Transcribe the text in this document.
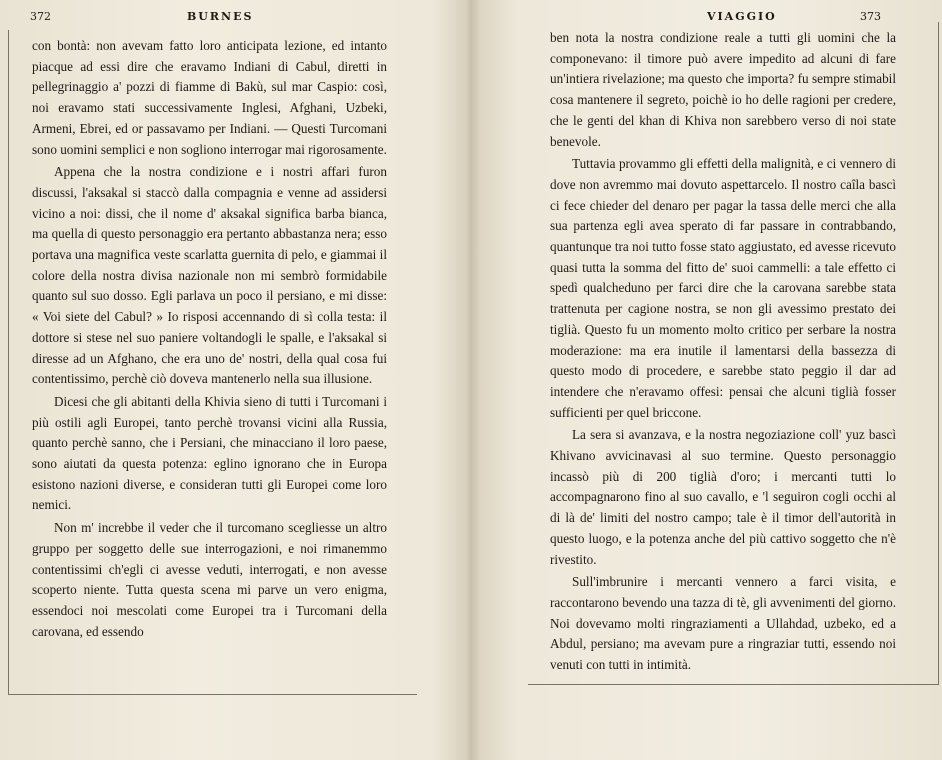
372	BURNES

con bontà: non avevam fatto loro anticipata lezione, ed intanto piacque ad essi dire che eravamo Indiani di Cabul, diretti in pellegrinaggio a' pozzi di fiamme di Bakù, sul mar Caspio: così, noi eravamo stati successivamente Inglesi, Afghani, Uzbeki, Armeni, Ebrei, ed or passavamo per Indiani. — Questi Turcomani sono uomini semplici e non sogliono interrogar mai rigorosamente.

Appena che la nostra condizione e i nostri affari furon discussi, l'aksakal si staccò dalla compagnia e venne ad assidersi vicino a noi: dissi, che il nome d' aksakal significa barba bianca, ma quella di questo personaggio era pertanto abbastanza nera; esso portava una magnifica veste scarlatta guernita di pelo, e giammai il colore della nostra divisa nazionale non mi sembrò formidabile quanto sul suo dosso. Egli parlava un poco il persiano, e mi disse: « Voi siete del Cabul? » Io risposi accennando di sì colla testa: il dottore si stese nel suo paniere voltandogli le spalle, e l'aksakal si diresse ad un Afghano, che era uno de' nostri, della qual cosa fui contentissimo, perchè ciò doveva mantenerlo nella sua illusione.

Dicesi che gli abitanti della Khivia sieno di tutti i Turcomani i più ostili agli Europei, tanto perchè trovansi vicini alla Russia, quanto perchè sanno, che i Persiani, che minacciano il loro paese, sono aiutati da questa potenza: eglino ignorano che in Europa esistono nazioni diverse, e consideran tutti gli Europei come loro nemici.

Non m' increbbe il veder che il turcomano scegliesse un altro gruppo per soggetto delle sue interrogazioni, e noi rimanemmo contentissimi ch'egli ci avesse veduti, interrogati, e non avesse scoperto niente. Tutta questa scena mi parve un vero enigma, essendoci noi mescolati come Europei tra i Turcomani della carovana, ed essendo

VIAGGIO	373

ben nota la nostra condizione reale a tutti gli uomini che la componevano: il timore può avere impedito ad alcuni di fare un'intiera rivelazione; ma questo che importa? fu sempre stimabil cosa mantenere il segreto, poichè io ho delle ragioni per credere, che le genti del khan di Khiva non sarebbero verso di noi state benevole.

Tuttavia provammo gli effetti della malignità, e ci vennero di dove non avremmo mai dovuto aspettarcelo. Il nostro caîla bascì ci fece chieder del denaro per pagar la tassa delle merci che alla sua partenza egli avea sperato di far passare in contrabbando, quantunque tra noi tutto fosse stato aggiustato, ed avesse ricevuto quasi tutta la somma del fitto de' suoi cammelli: a tale effetto ci spedì qualcheduno per farci dire che la carovana sarebbe stata trattenuta per cagione nostra, se non gli avessimo prestato dei tiglià. Questo fu un momento molto critico per serbare la nostra moderazione: ma era inutile il lamentarsi della bassezza di questo modo di procedere, e sarebbe stato peggio il dar ad intendere che n'eravamo offesi: pensai che alcuni tiglià fosser sufficienti per quel briccone.

La sera si avanzava, e la nostra negoziazione coll' yuz bascì Khivano avvicinavasi al suo termine. Questo personaggio incassò più di 200 tiglià d'oro; i mercanti tutti lo accompagnarono fino al suo cavallo, e 'l seguiron cogli occhi al di là de' limiti del nostro campo; tale è il timor dell'autorità in questo luogo, e la potenza anche del più cattivo soggetto che n'è rivestito.

Sull'imbrunire i mercanti vennero a farci visita, e raccontarono bevendo una tazza di tè, gli avvenimenti del giorno. Noi dovevamo molti ringraziamenti a Ullahdad, uzbeko, ed a Abdul, persiano; ma avevam pure a ringraziar tutti, essendo noi venuti con tutti in intimità.
